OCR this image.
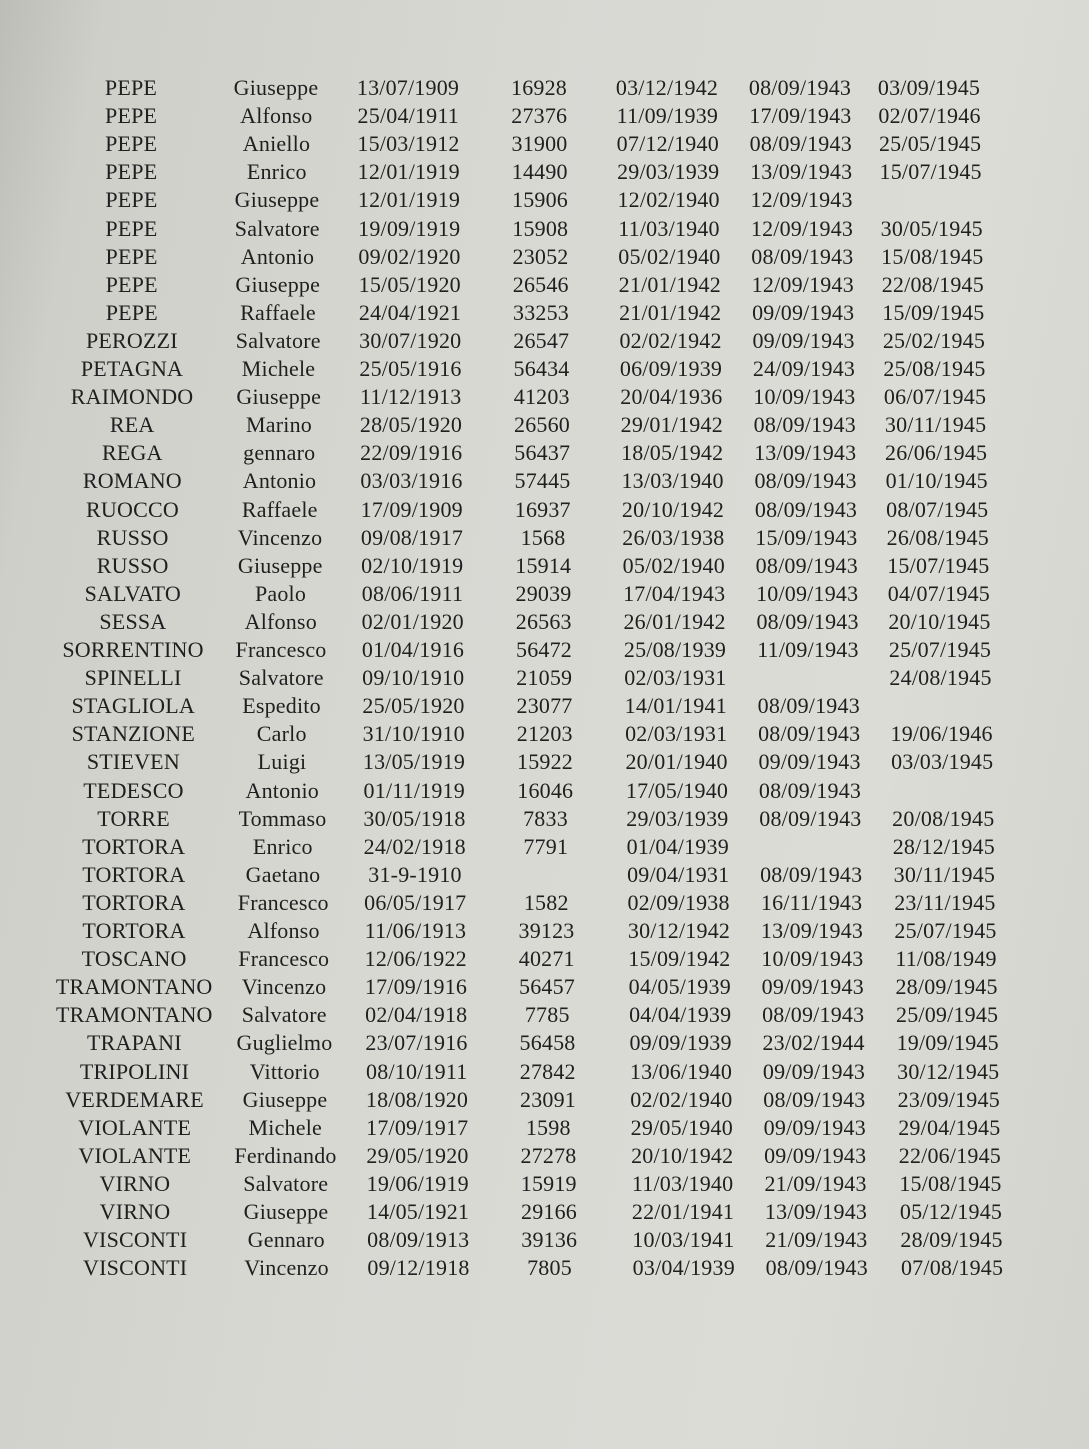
PEPE	Giuseppe 13/07/1909 16928 03/12/1942 08/09/1943 03/09/1945
PEPE	Alfonso 25/04/1911 27376 11/09/1939 17/09/1943 02/07/1946
PEPE	Aniello 15/03/1912 31900 07/12/1940 08/09/1943 25/05/1945
PEPE	Enrico 12/01/1919 14490 29/03/1939 13/09/1943 15/07/1945
PEPE	Giuseppe 12/01/1919 15906 12/02/1940 12/09/1943
PEPE	Salvatore 19/09/1919 15908 11/03/1940 12/09/1943 30/05/1945
PEPE	Antonio 09/02/1920 23052 05/02/1940 08/09/1943 15/08/1945
PEPE	Giuseppe 15/05/1920 26546 21/01/1942 12/09/1943 22/08/1945
PEPE	Raffaele 24/04/1921 33253 21/01/1942 09/09/1943 15/09/1945
PEROZZI	Salvatore 30/07/1920 26547 02/02/1942 09/09/1943 25/02/1945
PETAGNA	Michele 25/05/1916 56434 06/09/1939 24/09/1943 25/08/1945
RAIMONDO Giuseppe 11/12/1913 41203 20/04/1936 10/09/1943 06/07/1945
REA	Marino 28/05/1920 26560 29/01/1942 08/09/1943 30/11/1945
REGA	gennaro 22/09/1916 56437 18/05/1942 13/09/1943 26/06/1945
ROMANO	Antonio 03/03/1916 57445 13/03/1940 08/09/1943 01/10/1945
RUOCCO	Raffaele 17/09/1909 16937 20/10/1942 08/09/1943 08/07/1945
RUSSO	Vincenzo 09/08/1917	1568	26/03/1938 15/09/1943 26/08/1945
RUSSO	Giuseppe 02/10/1919 15914 05/02/1940 08/09/1943 15/07/1945
SALVATO	Paolo	08/06/1911 29039 17/04/1943 10/09/1943 04/07/1945
SESSA	Alfonso 02/01/1920 26563 26/01/1942 08/09/1943 20/10/1945
SORRENTINO Francesco 01/04/1916 56472 25/08/1939 11/09/1943 25/07/1945
SPINELLI	Salvatore 09/10/1910 21059 02/03/1931	24/08/1945
STAGLIOLA Espedito 25/05/1920 23077 14/01/1941 08/09/1943
STANZIONE	Carlo	31/10/1910 21203 02/03/1931 08/09/1943 19/06/1946
STIEVEN	Luigi	13/05/1919 15922 20/01/1940 09/09/1943 03/03/1945
TEDESCO	Antonio 01/11/1919 16046 17/05/1940 08/09/1943
TORRE	Tommaso 30/05/1918	7833	29/03/1939 08/09/1943 20/08/1945
TORTORA	Enrico 24/02/1918	7791	01/04/1939	28/12/1945
TORTORA	Gaetano 31-9-1910	09/04/1931 08/09/1943 30/11/1945
TORTORA Francesco 06/05/1917	1582	02/09/1938 16/11/1943 23/11/1945
TORTORA	Alfonso 11/06/1913 39123 30/12/1942 13/09/1943 25/07/1945
TOSCANO Francesco 12/06/1922 40271 15/09/1942 10/09/1943 11/08/1949
TRAMONTANO Vincenzo 17/09/1916 56457 04/05/1939 09/09/1943 28/09/1945
TRAMONTANO Salvatore 02/04/1918	7785	04/04/1939 08/09/1943 25/09/1945
TRAPANI Guglielmo 23/07/1916 56458 09/09/1939 23/02/1944 19/09/1945
TRIPOLINI	Vittorio 08/10/1911 27842 13/06/1940 09/09/1943 30/12/1945
VERDEMARE Giuseppe 18/08/1920 23091 02/02/1940 08/09/1943 23/09/1945
VIOLANTE	Michele 17/09/1917	1598	29/05/1940 09/09/1943 29/04/1945
VIOLANTE Ferdinando 29/05/1920 27278 20/10/1942 09/09/1943 22/06/1945
VIRNO	Salvatore 19/06/1919 15919	11/03/1940 21/09/1943 15/08/1945
VIRNO	Giuseppe 14/05/1921 29166 22/01/1941 13/09/1943 05/12/1945
VISCONTI	Gennaro 08/09/1913 39136	10/03/1941 21/09/1943 28/09/1945
VISCONTI	Vincenzo 09/12/1918	7805	03/04/1939 08/09/1943 07/08/1945
